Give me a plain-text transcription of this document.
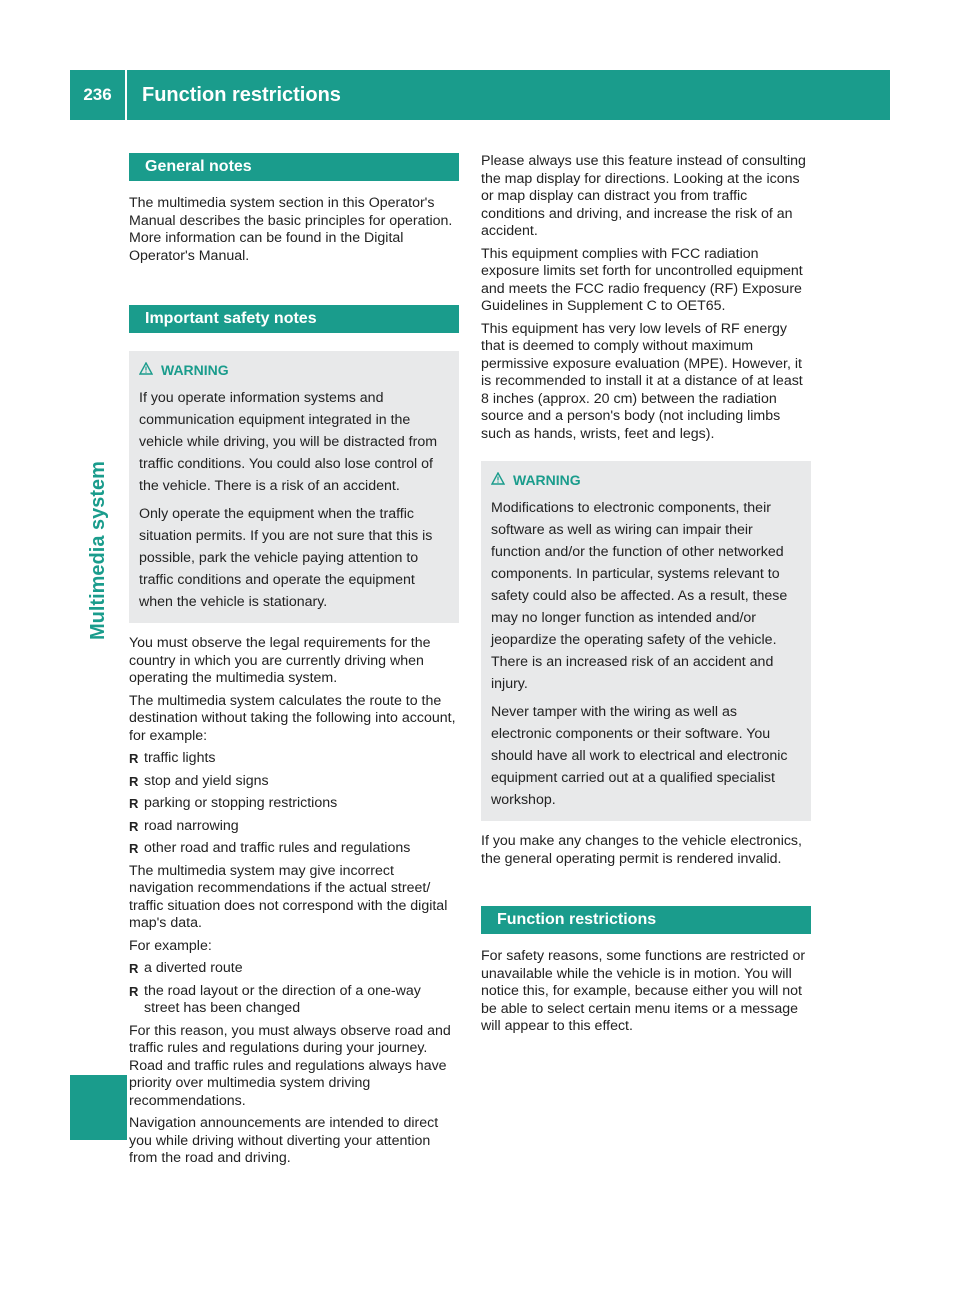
236	Function restrictions
Multimedia system
General notes

The multimedia system section in this Operator's Manual describes the basic principles for operation. More information can be found in the Digital Operator's Manual.

Important safety notes
WARNING

If you operate information systems and communication equipment integrated in the vehicle while driving, you will be distracted from traffic conditions. You could also lose control of the vehicle. There is a risk of an accident.

Only operate the equipment when the traffic situation permits. If you are not sure that this is possible, park the vehicle paying attention to traffic conditions and operate the equipment when the vehicle is stationary.

You must observe the legal requirements for the country in which you are currently driving when operating the multimedia system.

The multimedia system calculates the route to the destination without taking the following into account, for example:

R traffic lights
R stop and yield signs
R parking or stopping restrictions
R road narrowing
R other road and traffic rules and regulations

The multimedia system may give incorrect navigation recommendations if the actual street/ traffic situation does not correspond with the digital map's data.

For example:

R a diverted route
R the road layout or the direction of a one-way street has been changed

For this reason, you must always observe road and traffic rules and regulations during your journey. Road and traffic rules and regulations always have priority over multimedia system driving recommendations.

Navigation announcements are intended to direct you while driving without diverting your attention from the road and driving.

Please always use this feature instead of consulting the map display for directions. Looking at the icons or map display can distract you from traffic conditions and driving, and increase the risk of an accident.

This equipment complies with FCC radiation exposure limits set forth for uncontrolled equipment and meets the FCC radio frequency (RF) Exposure Guidelines in Supplement C to OET65.

This equipment has very low levels of RF energy that is deemed to comply without maximum permissive exposure evaluation (MPE). However, it is recommended to install it at a distance of at least 8 inches (approx. 20 cm) between the radiation source and a person's body (not including limbs such as hands, wrists, feet and legs).

WARNING

Modifications to electronic components, their software as well as wiring can impair their function and/or the function of other networked components. In particular, systems relevant to safety could also be affected. As a result, these may no longer function as intended and/or jeopardize the operating safety of the vehicle. There is an increased risk of an accident and injury.

Never tamper with the wiring as well as electronic components or their software. You should have all work to electrical and electronic equipment carried out at a qualified specialist workshop.

If you make any changes to the vehicle electronics, the general operating permit is rendered invalid.

Function restrictions

For safety reasons, some functions are restricted or unavailable while the vehicle is in motion. You will notice this, for example, because either you will not be able to select certain menu items or a message will appear to this effect.
